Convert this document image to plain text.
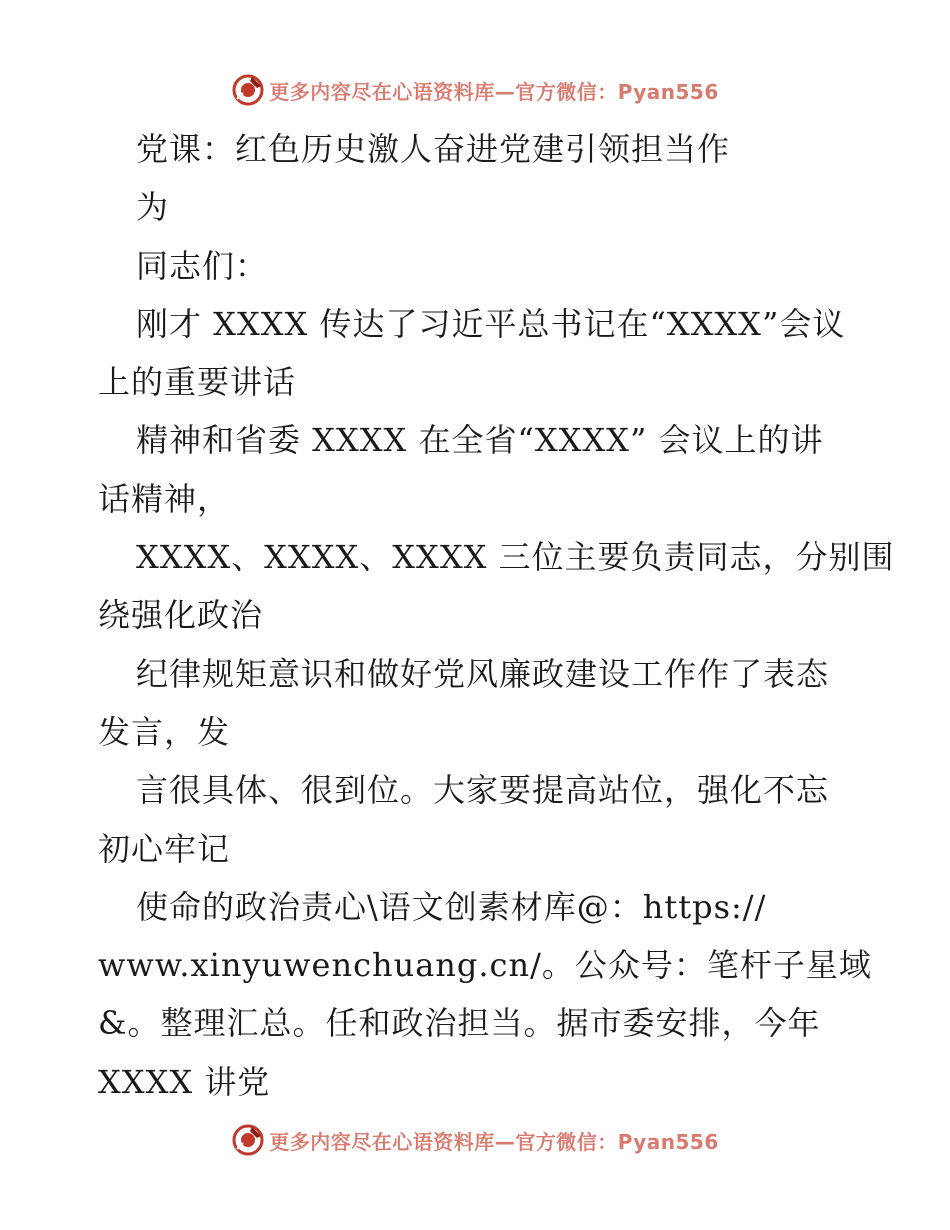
更多内容尽在心语资料库—官方微信：Pyan556
党课：红色历史激人奋进党建引领担当作
为
同志们：
刚才 XXXX 传达了习近平总书记在“XXXX”会议
上的重要讲话
精神和省委 XXXX 在全省“XXXX” 会议上的讲
话精神，
XXXX、XXXX、XXXX 三位主要负责同志，分别围
绕强化政治
纪律规矩意识和做好党风廉政建设工作作了表态
发言，发
言很具体、很到位。大家要提高站位，强化不忘
初心牢记
使命的政治责心\语文创素材库@：https://
www.xinyuwenchuang.cn/。公众号：笔杆子星域
&。整理汇总。任和政治担当。据市委安排，今年
XXXX 讲党
更多内容尽在心语资料库—官方微信：Pyan556
